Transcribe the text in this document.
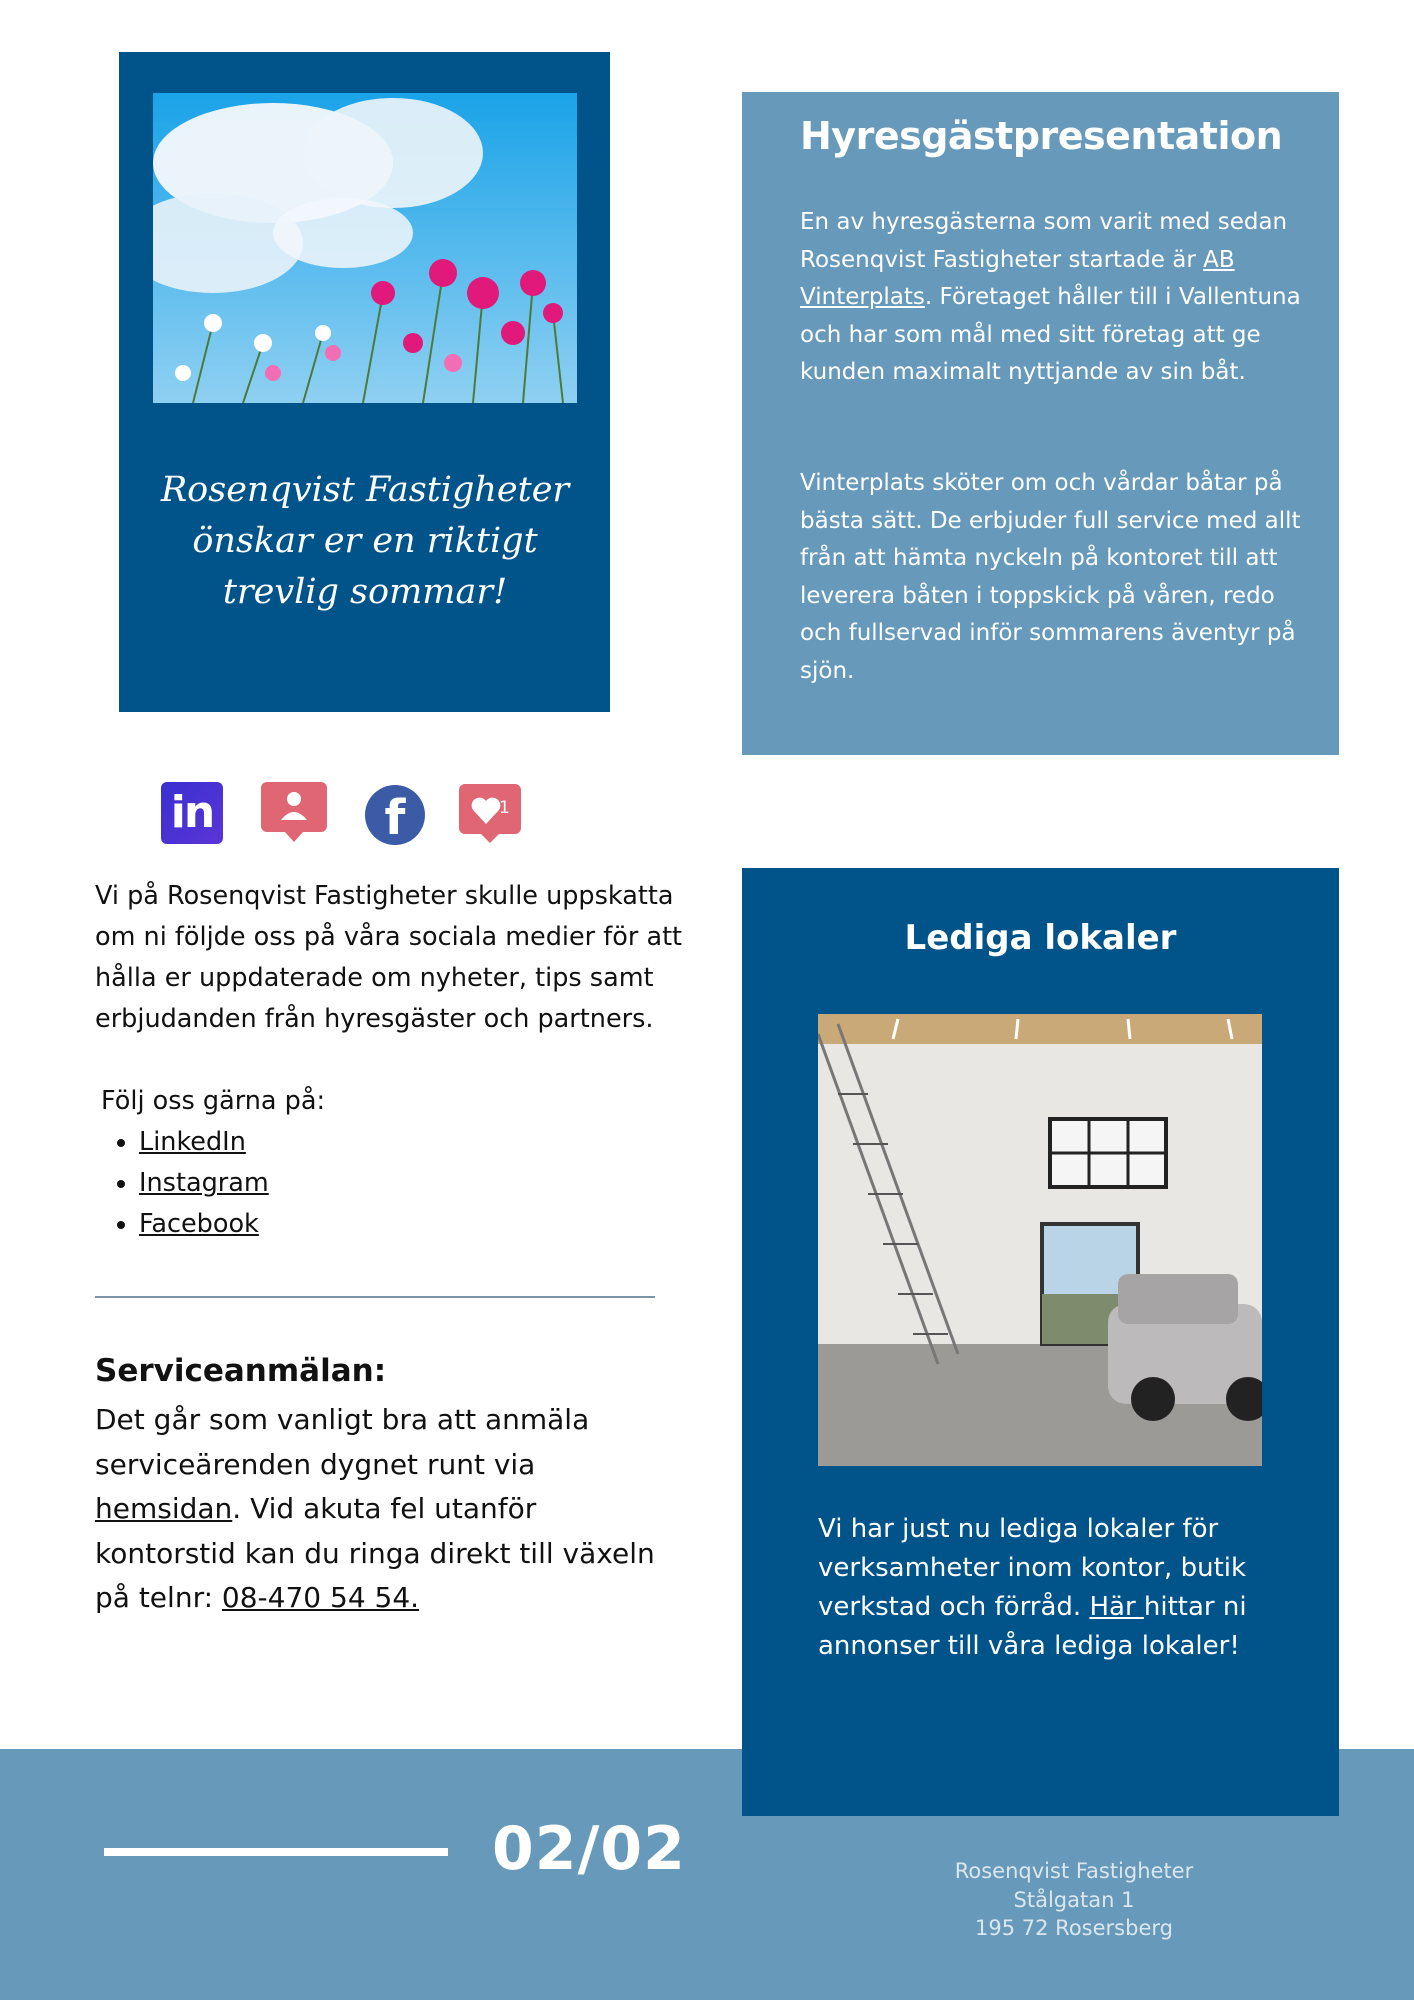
Rosenqvist Fastigheter
önskar er en riktigt
trevlig sommar!
Hyresgästpresentation
En av hyresgästerna som varit med sedan Rosenqvist Fastigheter startade är AB Vinterplats. Företaget håller till i Vallentuna och har som mål med sitt företag att ge kunden maximalt nyttjande av sin båt.
Vinterplats sköter om och vårdar båtar på bästa sätt. De erbjuder full service med allt från att hämta nyckeln på kontoret till att leverera båten i toppskick på våren, redo och fullservad inför sommarens äventyr på sjön.
in	f	1
Vi på Rosenqvist Fastigheter skulle uppskatta om ni följde oss på våra sociala medier för att hålla er uppdaterade om nyheter, tips samt erbjudanden från hyresgäster och partners.
Följ oss gärna på:
• LinkedIn
• Instagram
• Facebook
Serviceanmälan:
Det går som vanligt bra att anmäla serviceärenden dygnet runt via hemsidan. Vid akuta fel utanför kontorstid kan du ringa direkt till växeln på telnr: 08-470 54 54.
02/02	Rosenqvist Fastigheter
Stålgatan 1
195 72 Rosersberg
Lediga lokaler
Vi har just nu lediga lokaler för verksamheter inom kontor, butik verkstad och förråd. Här hittar ni annonser till våra lediga lokaler!
